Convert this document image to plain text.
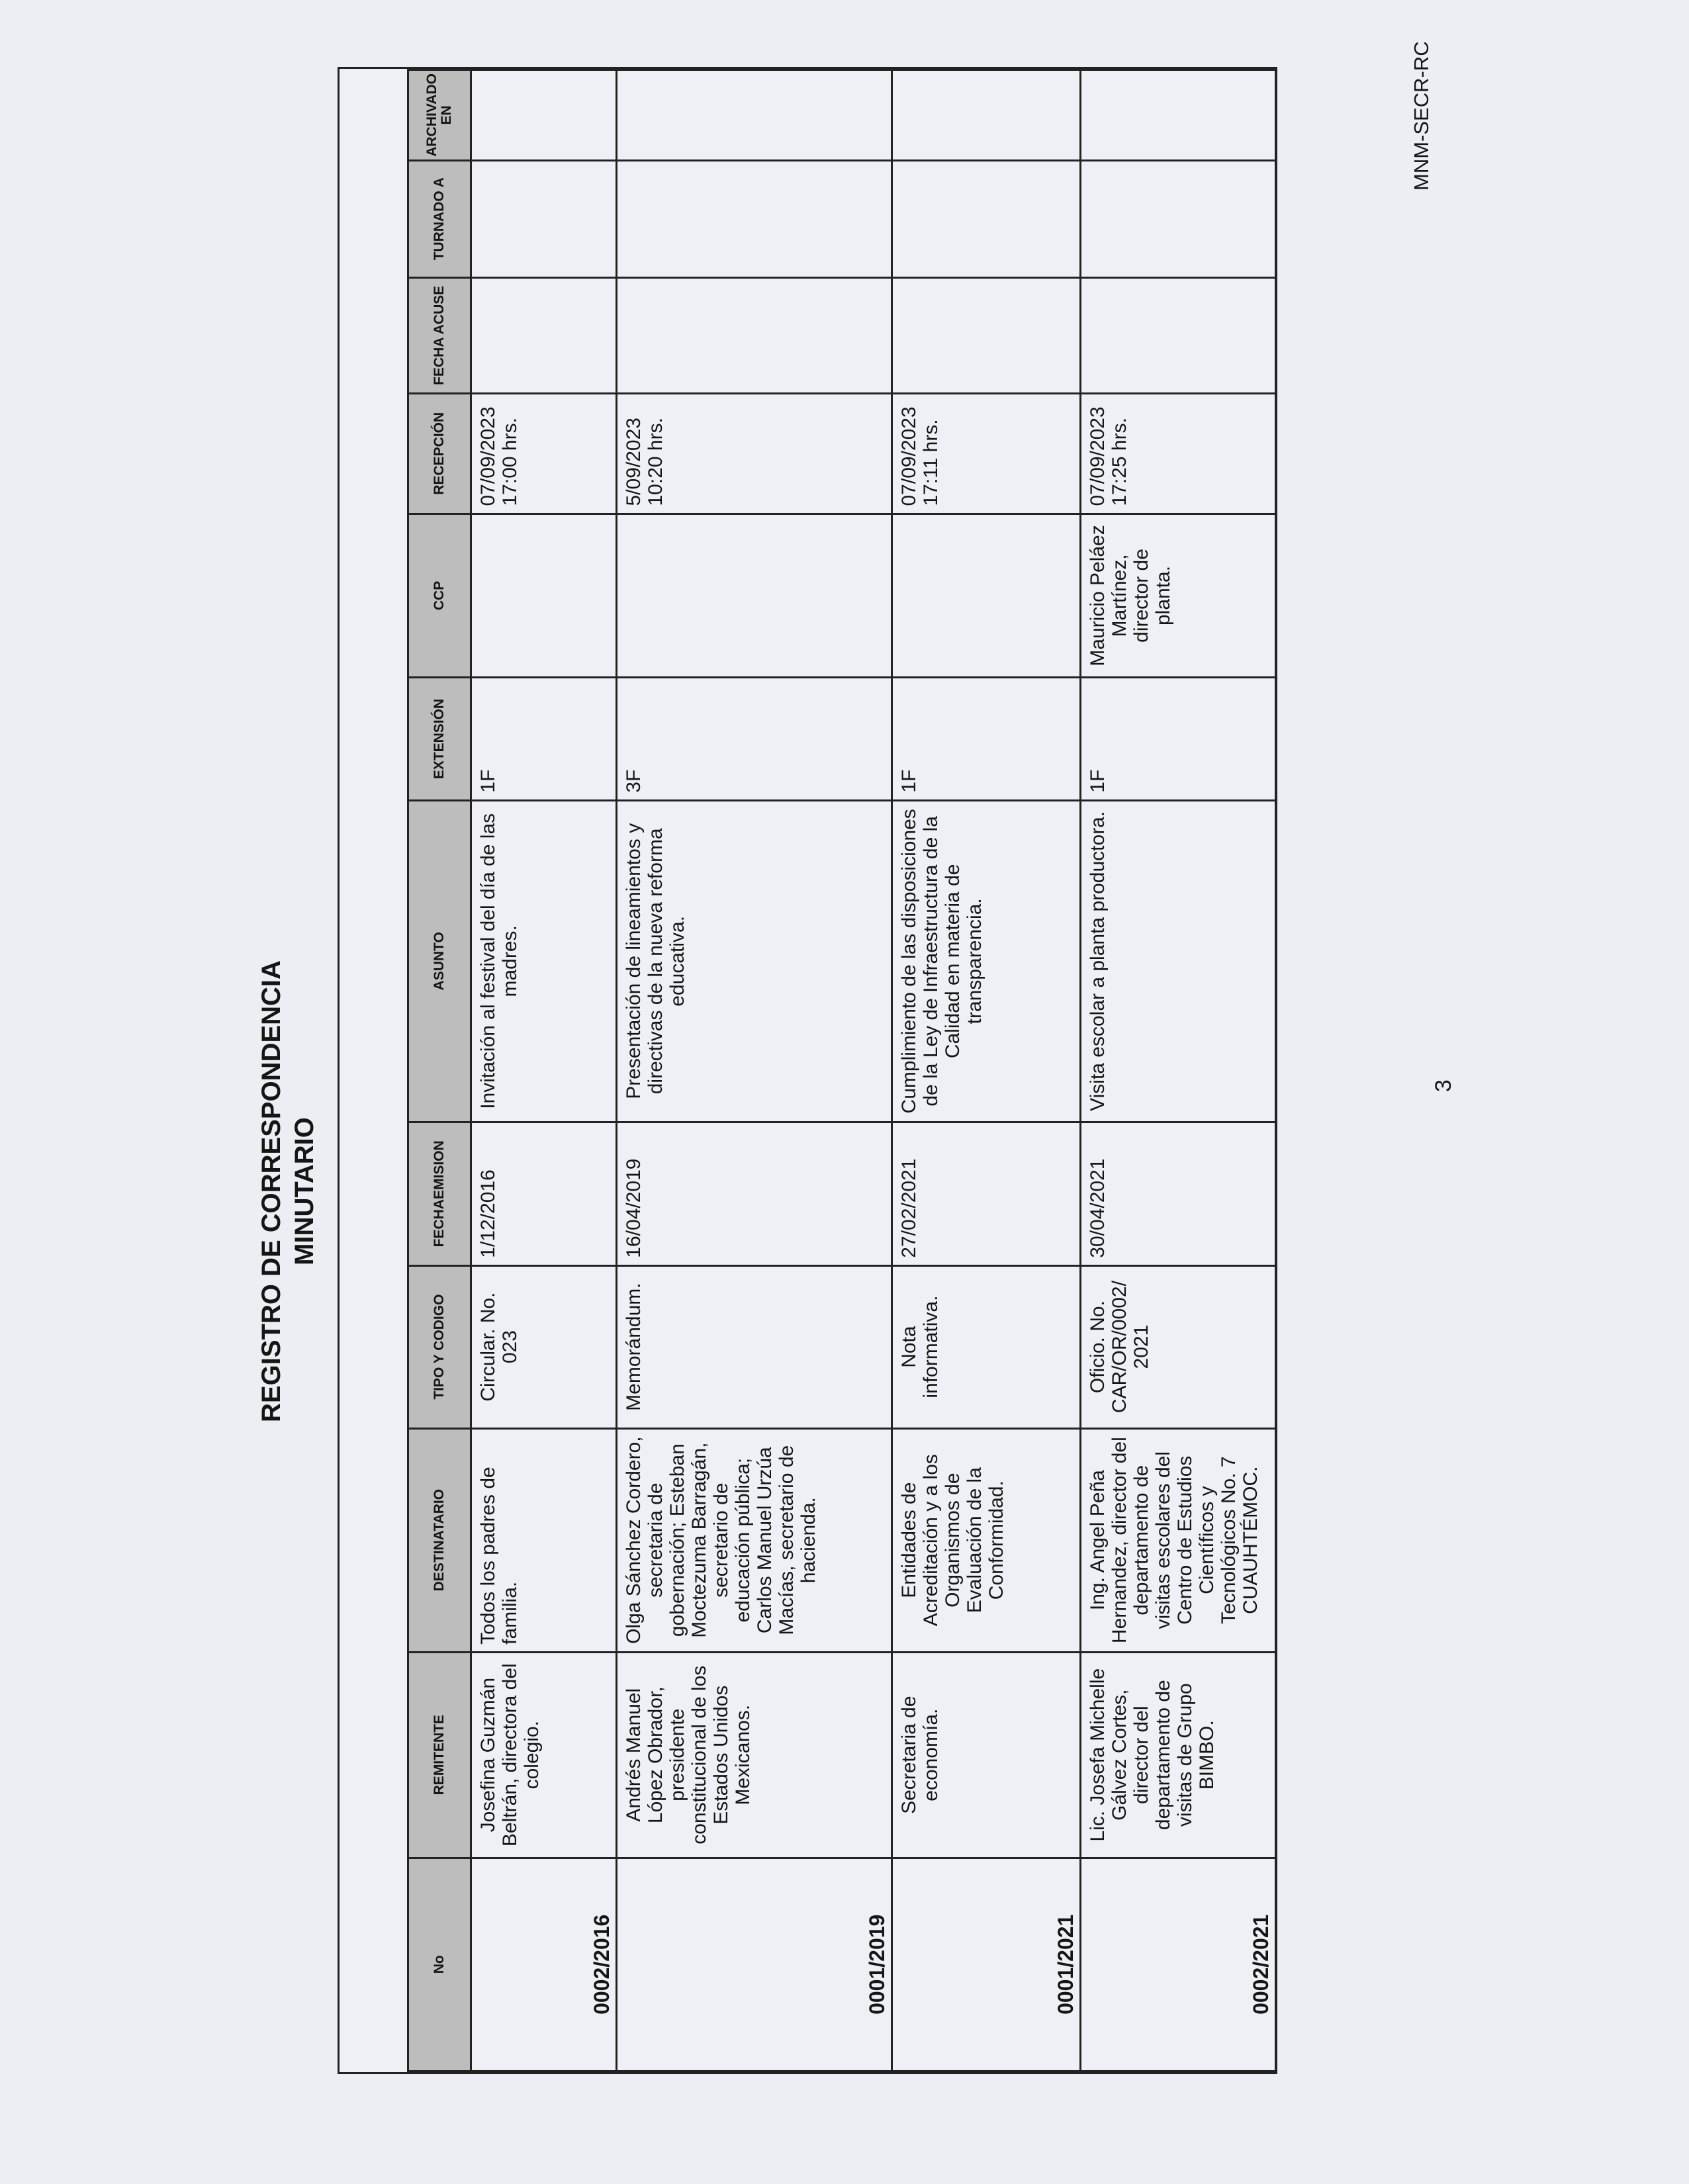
MNM-SECR-RC
REGISTRO DE CORRESPONDENCIA MINUTARIO
No	REMITENTE	DESTINATARIO	TIPO Y CODIGO	FECHAEMISION	ASUNTO	EXTENSIÓN	CCP	RECEPCIÓN	FECHA ACUSE	TURNADO A	ARCHIVADO EN
0002/2016	Josefina Guzmán Beltrán, directora del colegio.	Todos los padres de familia.	Circular. No. 023	1/12/2016	Invitación al festival del día de las madres.	1F		07/09/2023 17:00 hrs.			
0001/2019	Andrés Manuel López Obrador, presidente constitucional de los Estados Unidos Mexicanos.	Olga Sánchez Cordero, secretaria de gobernación; Esteban Moctezuma Barragán, secretario de educación pública; Carlos Manuel Urzúa Macías, secretario de hacienda.	Memorándum.	16/04/2019	Presentación de lineamientos y directivas de la nueva reforma educativa.	3F		5/09/2023 10:20 hrs.			
0001/2021	Secretaria de economía.	Entidades de Acreditación y a los Organismos de Evaluación de la Conformidad.	Nota informativa.	27/02/2021	Cumplimiento de las disposiciones de la Ley de Infraestructura de la Calidad en materia de transparencia.	1F		07/09/2023 17:11 hrs.			
0002/2021	Lic. Josefa Michelle Gálvez Cortes, director del departamento de visitas de Grupo BIMBO.	Ing. Angel Peña Hernandez, director del departamento de visitas escolares del Centro de Estudios Científicos y Tecnológicos No. 7 CUAUHTÉMOC.	Oficio. No. CAR/OR/0002/ 2021	30/04/2021	Visita escolar a planta productora.	1F	Mauricio Peláez Martínez, director de planta.	07/09/2023 17:25 hrs.			
3
